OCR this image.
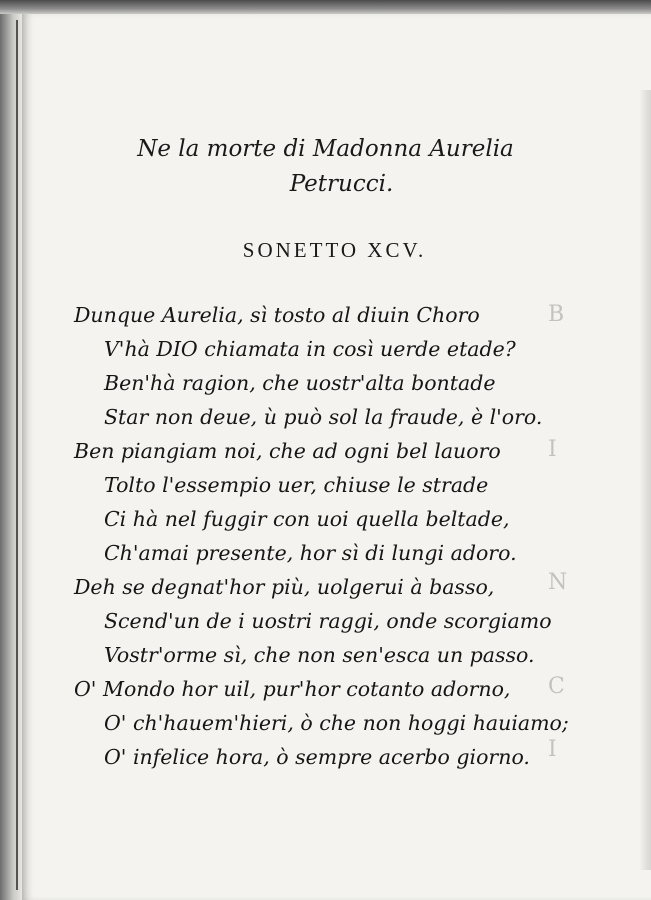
B
I
N
C
I
Ne la morte di Madonna Aurelia
Petrucci.
SONETTO XCV.
Dunque Aurelia, sì tosto al diuin Choro
V'hà DIO chiamata in così uerde etade?
Ben'hà ragion, che uostr'alta bontade
Star non deue, ù può sol la fraude, è l'oro.
Ben piangiam noi, che ad ogni bel lauoro
Tolto l'essempio uer, chiuse le strade
Ci hà nel fuggir con uoi quella beltade,
Ch'amai presente, hor sì di lungi adoro.
Deh se degnat'hor più, uolgerui à basso,
Scend'un de i uostri raggi, onde scorgiamo
Vostr'orme sì, che non sen'esca un passo.
O' Mondo hor uil, pur'hor cotanto adorno,
O' ch'hauem'hieri, ò che non hoggi hauiamo;
O' infelice hora, ò sempre acerbo giorno.
